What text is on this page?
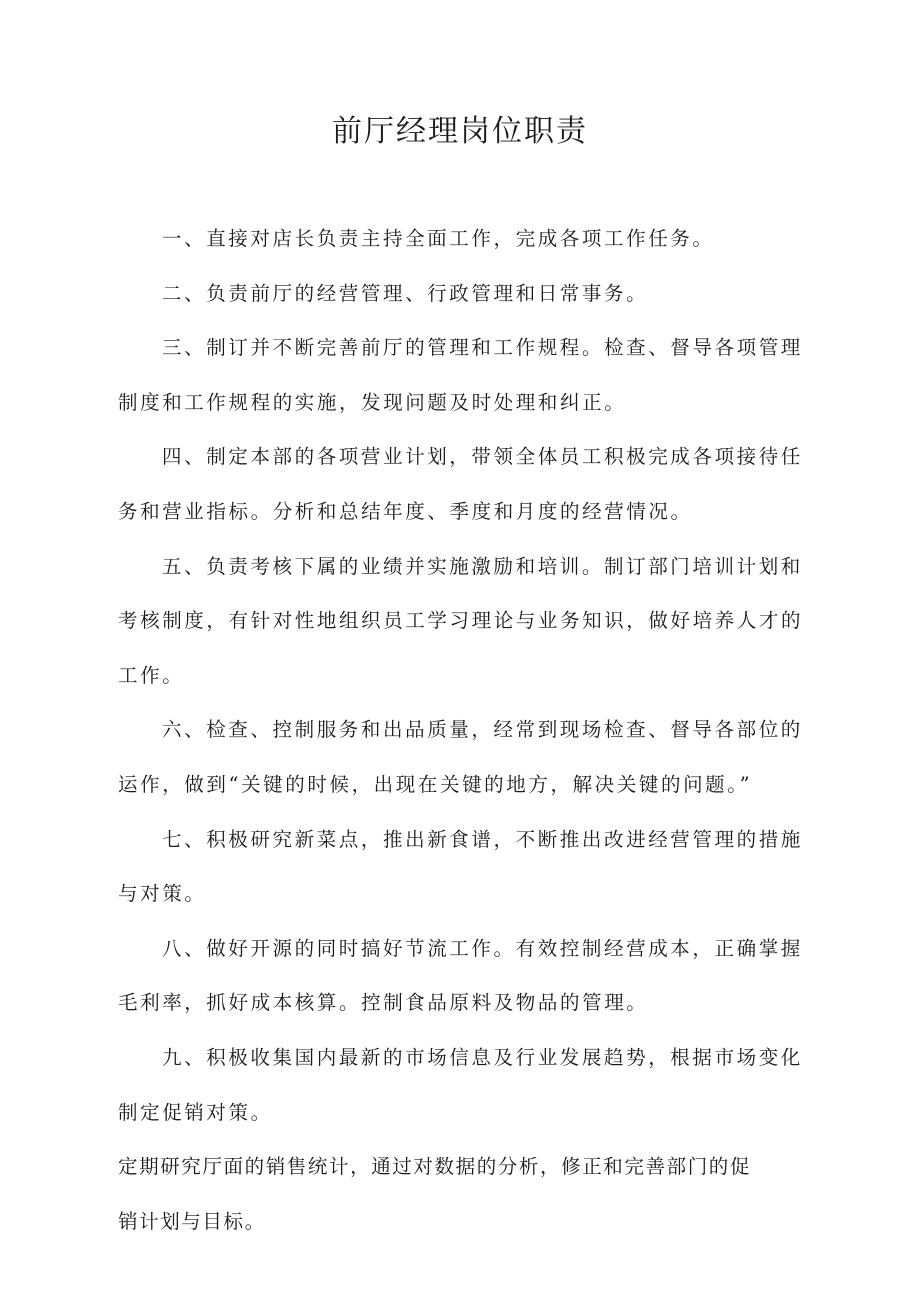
前厅经理岗位职责

一、直接对店长负责主持全面工作，完成各项工作任务。

二、负责前厅的经营管理、行政管理和日常事务。

三、制订并不断完善前厅的管理和工作规程。检查、督导各项管理制度和工作规程的实施，发现问题及时处理和纠正。

四、制定本部的各项营业计划，带领全体员工积极完成各项接待任务和营业指标。分析和总结年度、季度和月度的经营情况。

五、负责考核下属的业绩并实施激励和培训。制订部门培训计划和考核制度，有针对性地组织员工学习理论与业务知识，做好培养人才的工作。

六、检查、控制服务和出品质量，经常到现场检查、督导各部位的运作，做到“关键的时候，出现在关键的地方，解决关键的问题。”

七、积极研究新菜点，推出新食谱，不断推出改进经营管理的措施与对策。

八、做好开源的同时搞好节流工作。有效控制经营成本，正确掌握毛利率，抓好成本核算。控制食品原料及物品的管理。

九、积极收集国内最新的市场信息及行业发展趋势，根据市场变化制定促销对策。

定期研究厅面的销售统计，通过对数据的分析，修正和完善部门的促

销计划与目标。
